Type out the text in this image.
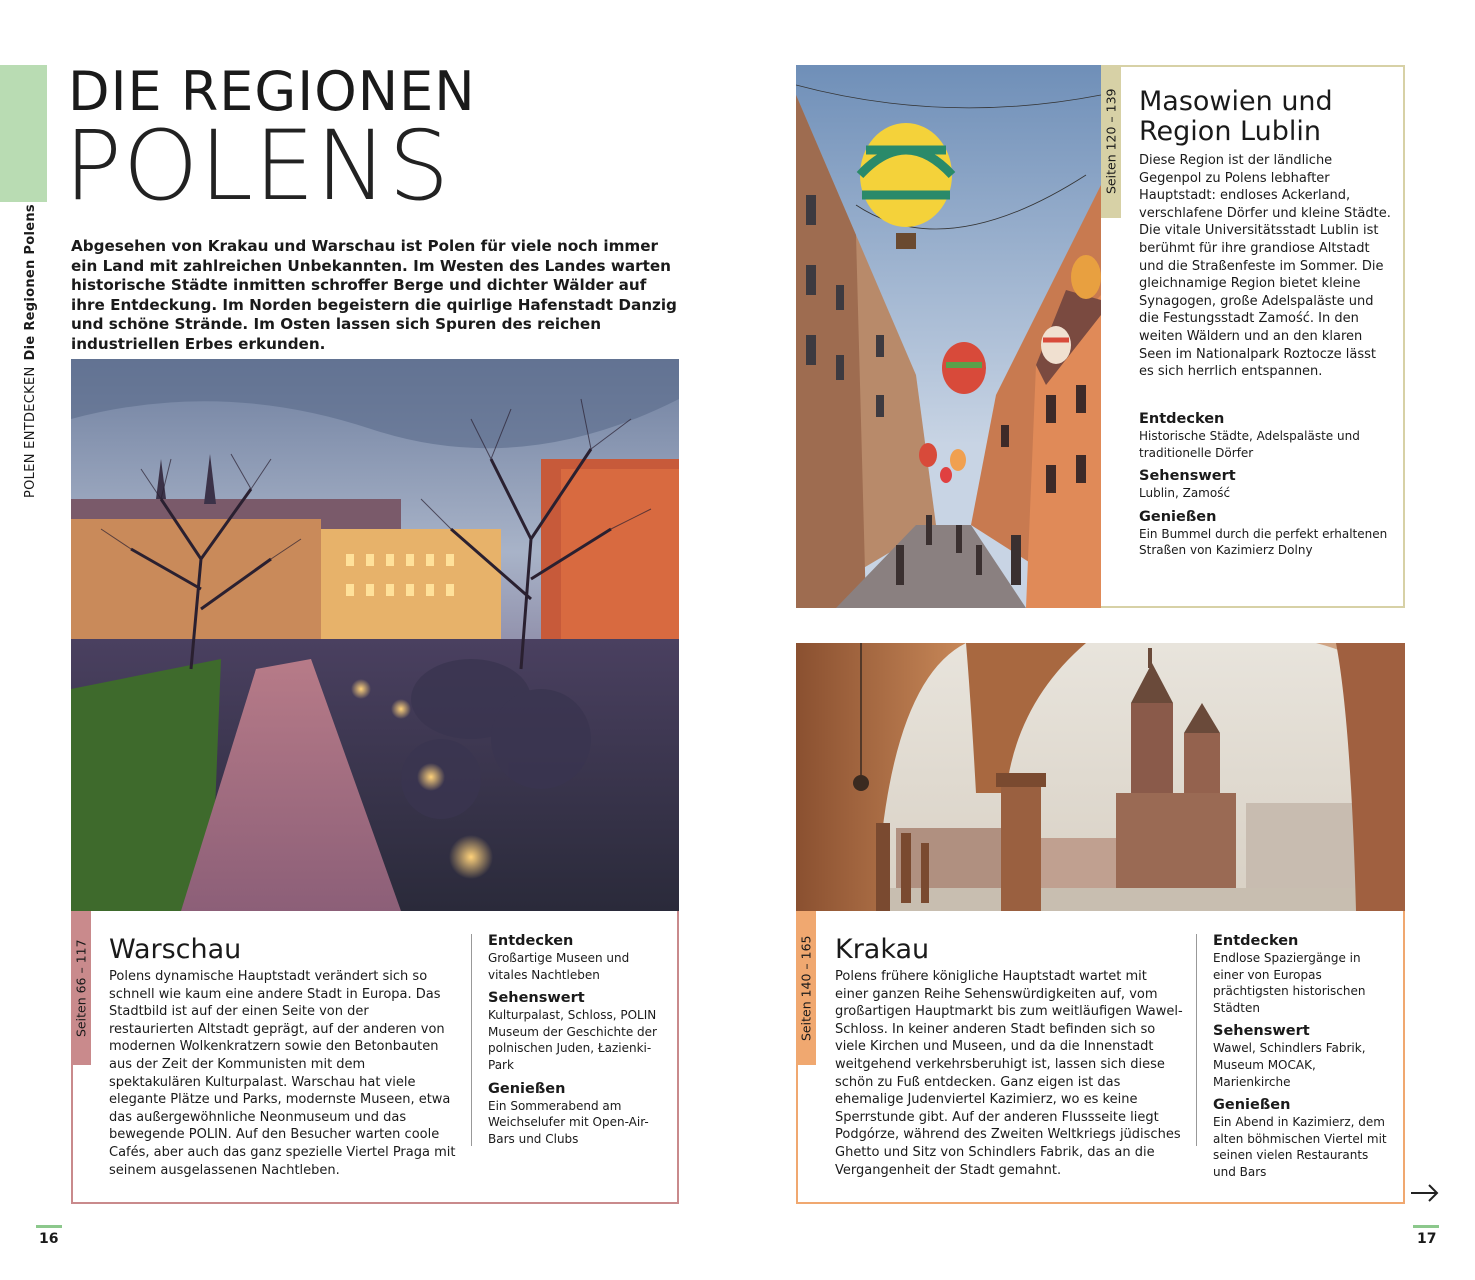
POLEN ENTDECKENDie Regionen Polens
DIE REGIONEN
POLENS
Abgesehen von Krakau und Warschau ist Polen für viele noch immer ein Land mit zahlreichen Unbekannten. Im Westen des Landes warten historische Städte inmitten schroffer Berge und dichter Wälder auf ihre Entdeckung. Im Norden begeistern die quirlige Hafenstadt Danzig und schöne Strände. Im Osten lassen sich Spuren des reichen industriellen Erbes erkunden.
Seiten 66 – 117 Warschau
Polens dynamische Hauptstadt verändert sich so schnell wie kaum eine andere Stadt in Europa. Das Stadtbild ist auf der einen Seite von der restaurierten Altstadt geprägt, auf der anderen von modernen Wolkenkratzern sowie den Betonbauten aus der Zeit der Kommunisten mit dem spektakulären Kulturpalast. Warschau hat viele elegante Plätze und Parks, modernste Museen, etwa das außergewöhnliche Neonmuseum und das bewegende POLIN. Auf den Besucher warten coole Cafés, aber auch das ganz spezielle Viertel Praga mit seinem ausgelassenen Nachtleben.
Entdecken
Großartige Museen und vitales Nachtleben
Sehenswert
Kulturpalast, Schloss, POLIN Museum der Geschichte der polnischen Juden, Łazienki-Park
Genießen
Ein Sommerabend am Weichselufer mit Open-Air-Bars und Clubs
16
Seiten 120 – 139 Masowien und Region Lublin
Diese Region ist der ländliche Gegenpol zu Polens lebhafter Hauptstadt: endloses Ackerland, verschlafene Dörfer und kleine Städte. Die vitale Universitätsstadt Lublin ist berühmt für ihre grandiose Altstadt und die Straßenfeste im Sommer. Die gleichnamige Region bietet kleine Synagogen, große Adelspaläste und die Festungsstadt Zamość. In den weiten Wäldern und an den klaren Seen im Nationalpark Roztocze lässt es sich herrlich entspannen.
Entdecken
Historische Städte, Adelspaläste und traditionelle Dörfer
Sehenswert
Lublin, Zamość
Genießen
Ein Bummel durch die perfekt erhaltenen Straßen von Kazimierz Dolny
Seiten 140 – 165 Krakau
Polens frühere königliche Hauptstadt wartet mit einer ganzen Reihe Sehenswürdigkeiten auf, vom großartigen Hauptmarkt bis zum weitläufigen Wawel-Schloss. In keiner anderen Stadt befinden sich so viele Kirchen und Museen, und da die Innenstadt weitgehend verkehrsberuhigt ist, lassen sich diese schön zu Fuß entdecken. Ganz eigen ist das ehemalige Judenviertel Kazimierz, wo es keine Sperrstunde gibt. Auf der anderen Flussseite liegt Podgórze, während des Zweiten Weltkriegs jüdisches Ghetto und Sitz von Schindlers Fabrik, das an die Vergangenheit der Stadt gemahnt.
Entdecken
Endlose Spaziergänge in einer von Europas prächtigsten historischen Städten
Sehenswert
Wawel, Schindlers Fabrik, Museum MOCAK, Marienkirche
Genießen
Ein Abend in Kazimierz, dem alten böhmischen Viertel mit seinen vielen Restaurants und Bars
17
